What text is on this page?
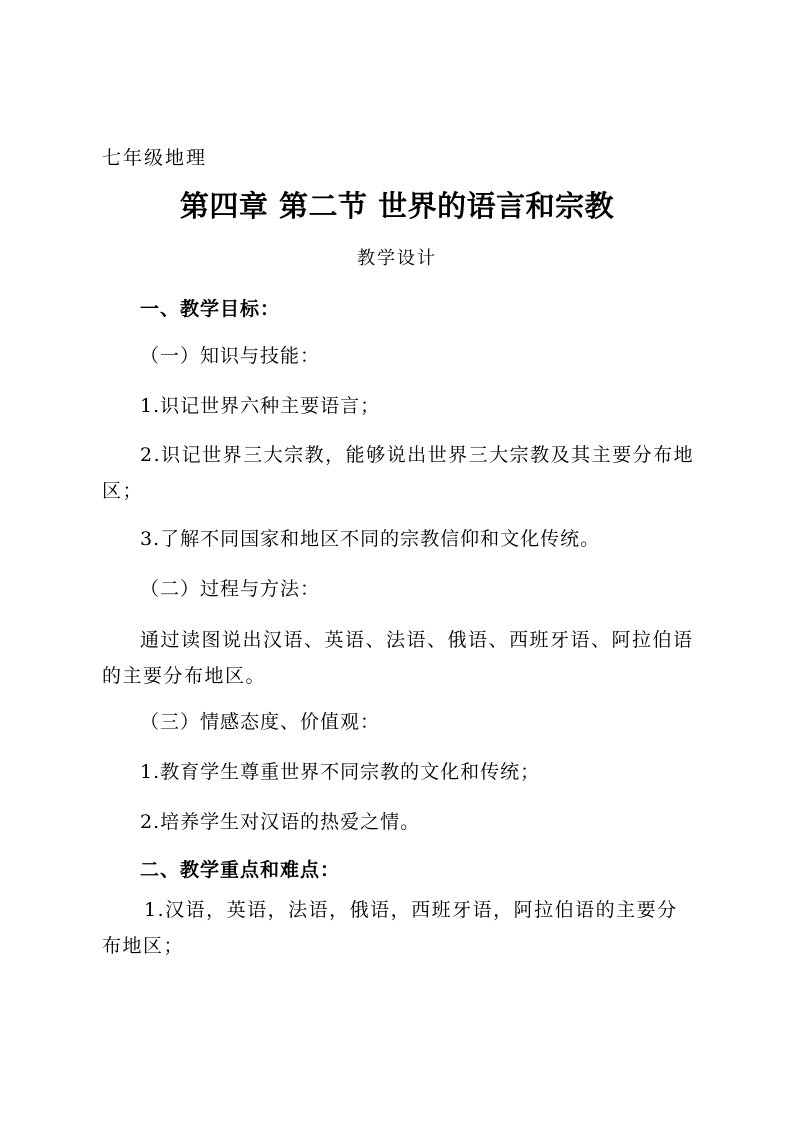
七年级地理
第四章 第二节 世界的语言和宗教
教学设计
一、教学目标：
（一）知识与技能：
1.识记世界六种主要语言；
2.识记世界三大宗教，能够说出世界三大宗教及其主要分布地区；
3.了解不同国家和地区不同的宗教信仰和文化传统。
（二）过程与方法：
通过读图说出汉语、英语、法语、俄语、西班牙语、阿拉伯语的主要分布地区。
（三）情感态度、价值观：
1.教育学生尊重世界不同宗教的文化和传统；
2.培养学生对汉语的热爱之情。
二、教学重点和难点：
1.汉语，英语，法语，俄语，西班牙语，阿拉伯语的主要分布地区；
